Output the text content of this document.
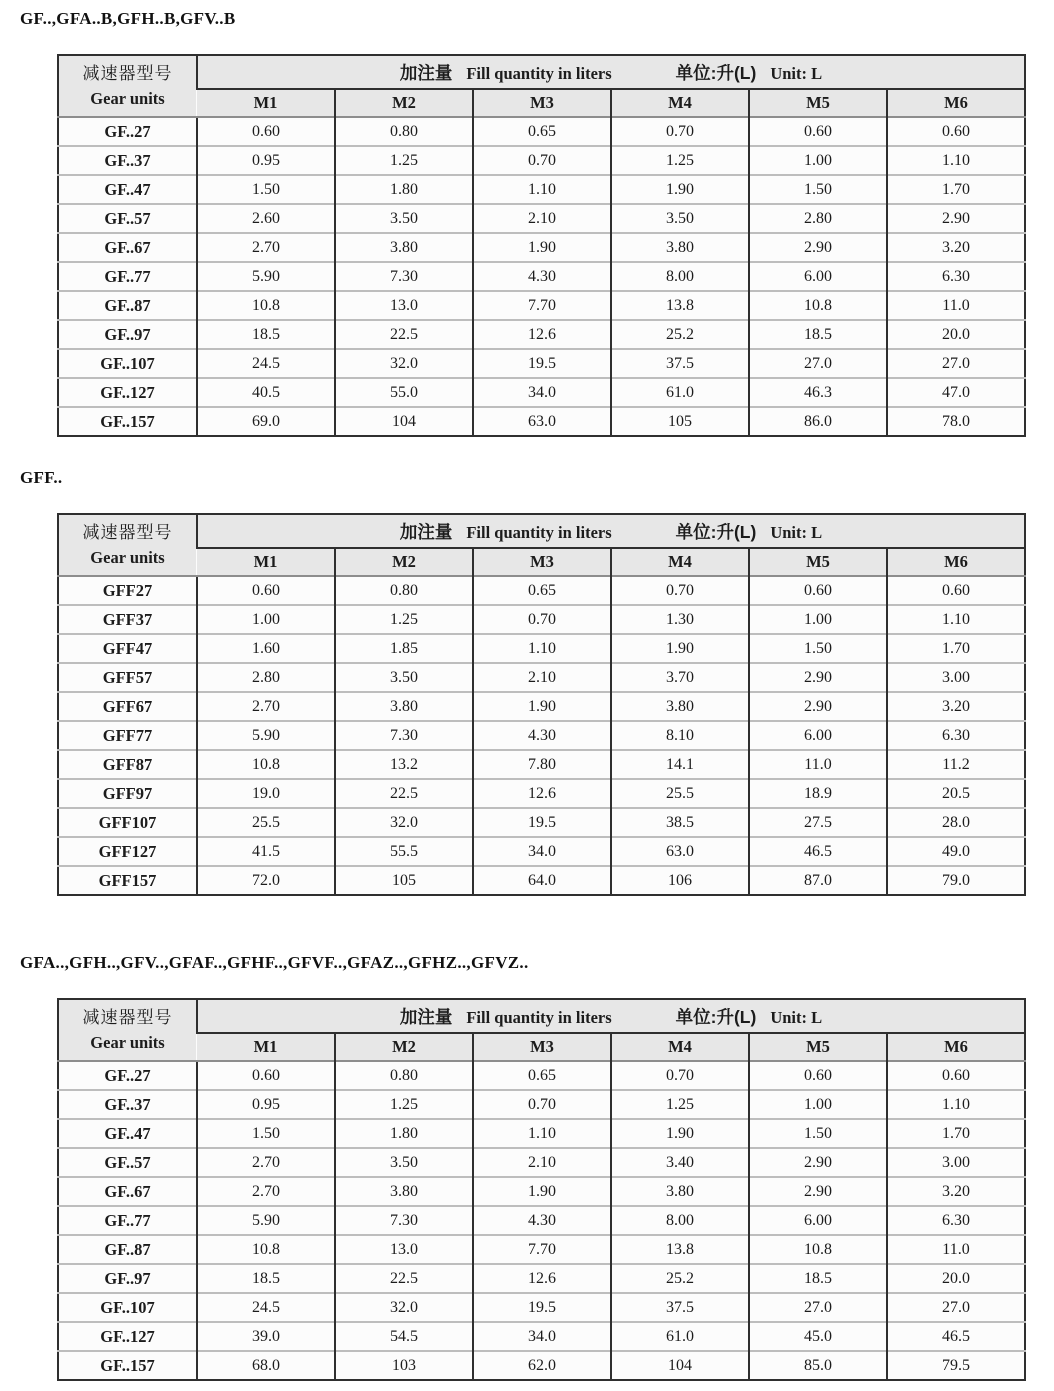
GF..,GFA..B,GFH..B,GFV..B
减速器型号
Gear units	加注量 Fill quantity in liters 单位:升(L) Unit: L					

	M1	M2	M3	M4	M5	M6
GF..27	0.60	0.80	0.65	0.70	0.60	0.60
GF..37	0.95	1.25	0.70	1.25	1.00	1.10
GF..47	1.50	1.80	1.10	1.90	1.50	1.70
GF..57	2.60	3.50	2.10	3.50	2.80	2.90
GF..67	2.70	3.80	1.90	3.80	2.90	3.20
GF..77	5.90	7.30	4.30	8.00	6.00	6.30
GF..87	10.8	13.0	7.70	13.8	10.8	11.0
GF..97	18.5	22.5	12.6	25.2	18.5	20.0
GF..107	24.5	32.0	19.5	37.5	27.0	27.0
GF..127	40.5	55.0	34.0	61.0	46.3	47.0
GF..157	69.0	104	63.0	105	86.0	78.0
GFF..
减速器型号
Gear units	加注量 Fill quantity in liters 单位:升(L) Unit: L					

	M1	M2	M3	M4	M5	M6
GFF27	0.60	0.80	0.65	0.70	0.60	0.60
GFF37	1.00	1.25	0.70	1.30	1.00	1.10
GFF47	1.60	1.85	1.10	1.90	1.50	1.70
GFF57	2.80	3.50	2.10	3.70	2.90	3.00
GFF67	2.70	3.80	1.90	3.80	2.90	3.20
GFF77	5.90	7.30	4.30	8.10	6.00	6.30
GFF87	10.8	13.2	7.80	14.1	11.0	11.2
GFF97	19.0	22.5	12.6	25.5	18.9	20.5
GFF107	25.5	32.0	19.5	38.5	27.5	28.0
GFF127	41.5	55.5	34.0	63.0	46.5	49.0
GFF157	72.0	105	64.0	106	87.0	79.0
GFA..,GFH..,GFV..,GFAF..,GFHF..,GFVF..,GFAZ..,GFHZ..,GFVZ..
减速器型号
Gear units	加注量 Fill quantity in liters 单位:升(L) Unit: L					

	M1	M2	M3	M4	M5	M6
GF..27	0.60	0.80	0.65	0.70	0.60	0.60
GF..37	0.95	1.25	0.70	1.25	1.00	1.10
GF..47	1.50	1.80	1.10	1.90	1.50	1.70
GF..57	2.70	3.50	2.10	3.40	2.90	3.00
GF..67	2.70	3.80	1.90	3.80	2.90	3.20
GF..77	5.90	7.30	4.30	8.00	6.00	6.30
GF..87	10.8	13.0	7.70	13.8	10.8	11.0
GF..97	18.5	22.5	12.6	25.2	18.5	20.0
GF..107	24.5	32.0	19.5	37.5	27.0	27.0
GF..127	39.0	54.5	34.0	61.0	45.0	46.5
GF..157	68.0	103	62.0	104	85.0	79.5
